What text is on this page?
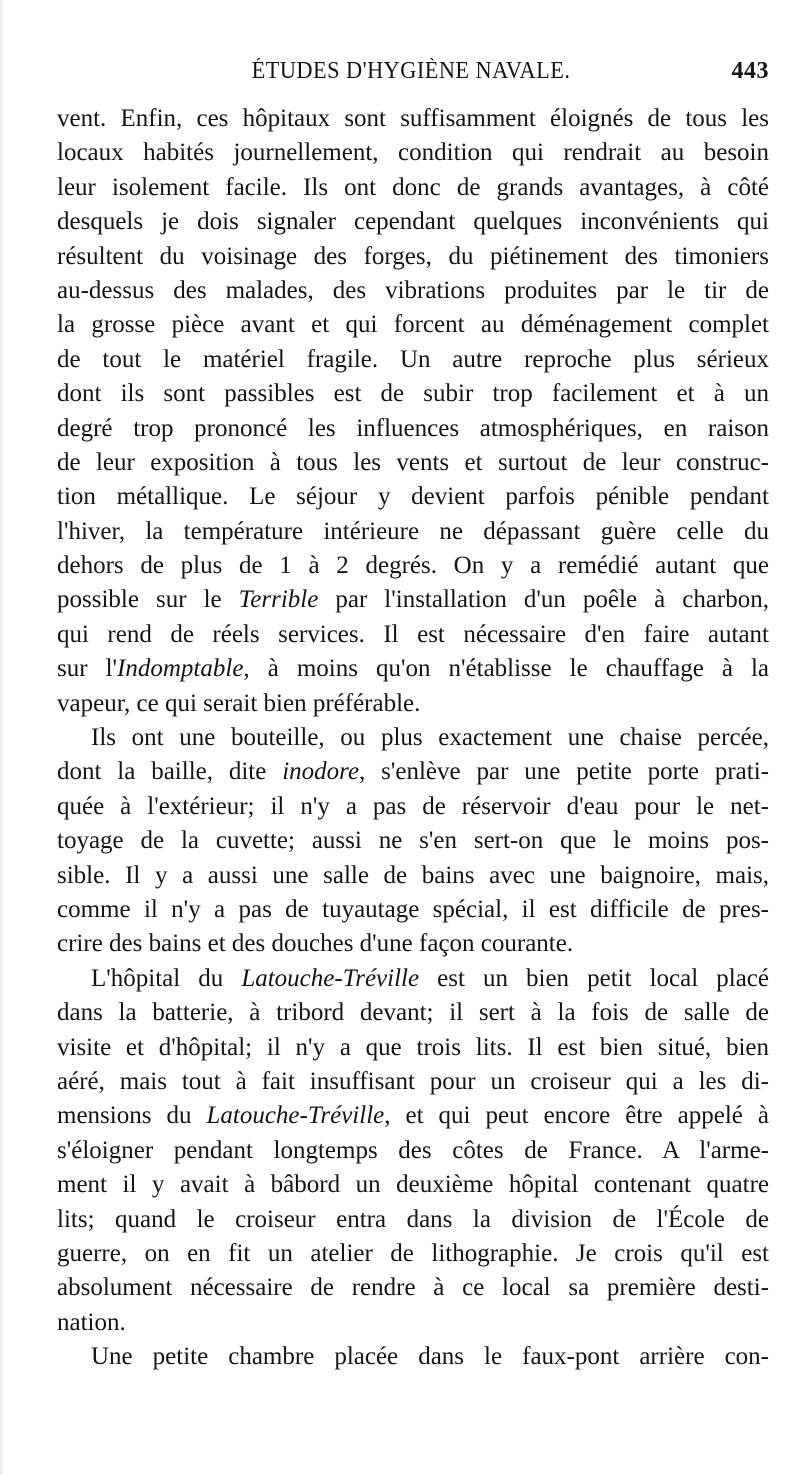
ÉTUDES D'HYGIÈNE NAVALE.	443
vent. Enfin, ces hôpitaux sont suffisamment éloignés de tous les
locaux habités journellement, condition qui rendrait au besoin
leur isolement facile. Ils ont donc de grands avantages, à côté
desquels je dois signaler cependant quelques inconvénients qui
résultent du voisinage des forges, du piétinement des timoniers
au-dessus des malades, des vibrations produites par le tir de
la grosse pièce avant et qui forcent au déménagement complet
de tout le matériel fragile. Un autre reproche plus sérieux
dont ils sont passibles est de subir trop facilement et à un
degré trop prononcé les influences atmosphériques, en raison
de leur exposition à tous les vents et surtout de leur construc-
tion métallique. Le séjour y devient parfois pénible pendant
l'hiver, la température intérieure ne dépassant guère celle du
dehors de plus de 1 à 2 degrés. On y a remédié autant que
possible sur le Terrible par l'installation d'un poêle à charbon,
qui rend de réels services. Il est nécessaire d'en faire autant
sur l'Indomptable, à moins qu'on n'établisse le chauffage à la
vapeur, ce qui serait bien préférable.
Ils ont une bouteille, ou plus exactement une chaise percée,
dont la baille, dite inodore, s'enlève par une petite porte prati-
quée à l'extérieur; il n'y a pas de réservoir d'eau pour le net-
toyage de la cuvette; aussi ne s'en sert-on que le moins pos-
sible. Il y a aussi une salle de bains avec une baignoire, mais,
comme il n'y a pas de tuyautage spécial, il est difficile de pres-
crire des bains et des douches d'une façon courante.
L'hôpital du Latouche-Tréville est un bien petit local placé
dans la batterie, à tribord devant; il sert à la fois de salle de
visite et d'hôpital; il n'y a que trois lits. Il est bien situé, bien
aéré, mais tout à fait insuffisant pour un croiseur qui a les di-
mensions du Latouche-Tréville, et qui peut encore être appelé à
s'éloigner pendant longtemps des côtes de France. A l'arme-
ment il y avait à bâbord un deuxième hôpital contenant quatre
lits; quand le croiseur entra dans la division de l'École de
guerre, on en fit un atelier de lithographie. Je crois qu'il est
absolument nécessaire de rendre à ce local sa première desti-
nation.
Une petite chambre placée dans le faux-pont arrière con-
